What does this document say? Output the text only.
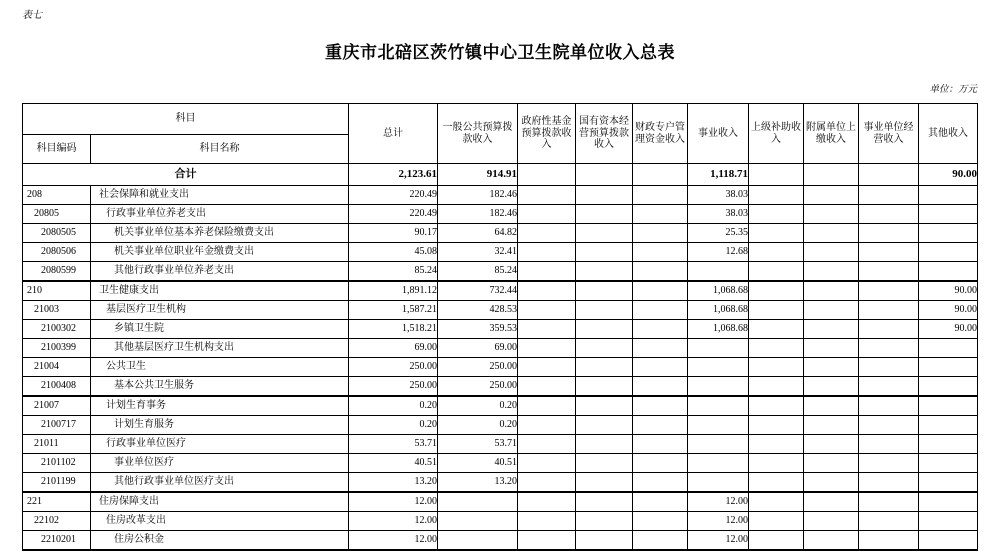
表七
重庆市北碚区茨竹镇中心卫生院单位收入总表
单位：万元
科目		总计	一般公共预算拨款收入	政府性基金预算拨款收入	国有资本经营预算拨款收入	财政专户管理资金收入	事业收入	上级补助收入	附属单位上缴收入	事业单位经营收入	其他收入
科目编码	科目名称										
合计		2,123.61	914.91				1,118.71				90.00
208	社会保障和就业支出	220.49	182.46				38.03				
20805	行政事业单位养老支出	220.49	182.46				38.03				
2080505	机关事业单位基本养老保险缴费支出	90.17	64.82				25.35				
2080506	机关事业单位职业年金缴费支出	45.08	32.41				12.68				
2080599	其他行政事业单位养老支出	85.24	85.24								
210	卫生健康支出	1,891.12	732.44				1,068.68				90.00
21003	基层医疗卫生机构	1,587.21	428.53				1,068.68				90.00
2100302	乡镇卫生院	1,518.21	359.53				1,068.68				90.00
2100399	其他基层医疗卫生机构支出	69.00	69.00								
21004	公共卫生	250.00	250.00								
2100408	基本公共卫生服务	250.00	250.00								
21007	计划生育事务	0.20	0.20								
2100717	计划生育服务	0.20	0.20								
21011	行政事业单位医疗	53.71	53.71								
2101102	事业单位医疗	40.51	40.51								
2101199	其他行政事业单位医疗支出	13.20	13.20								
221	住房保障支出	12.00					12.00				
22102	住房改革支出	12.00					12.00				
2210201	住房公积金	12.00					12.00				
